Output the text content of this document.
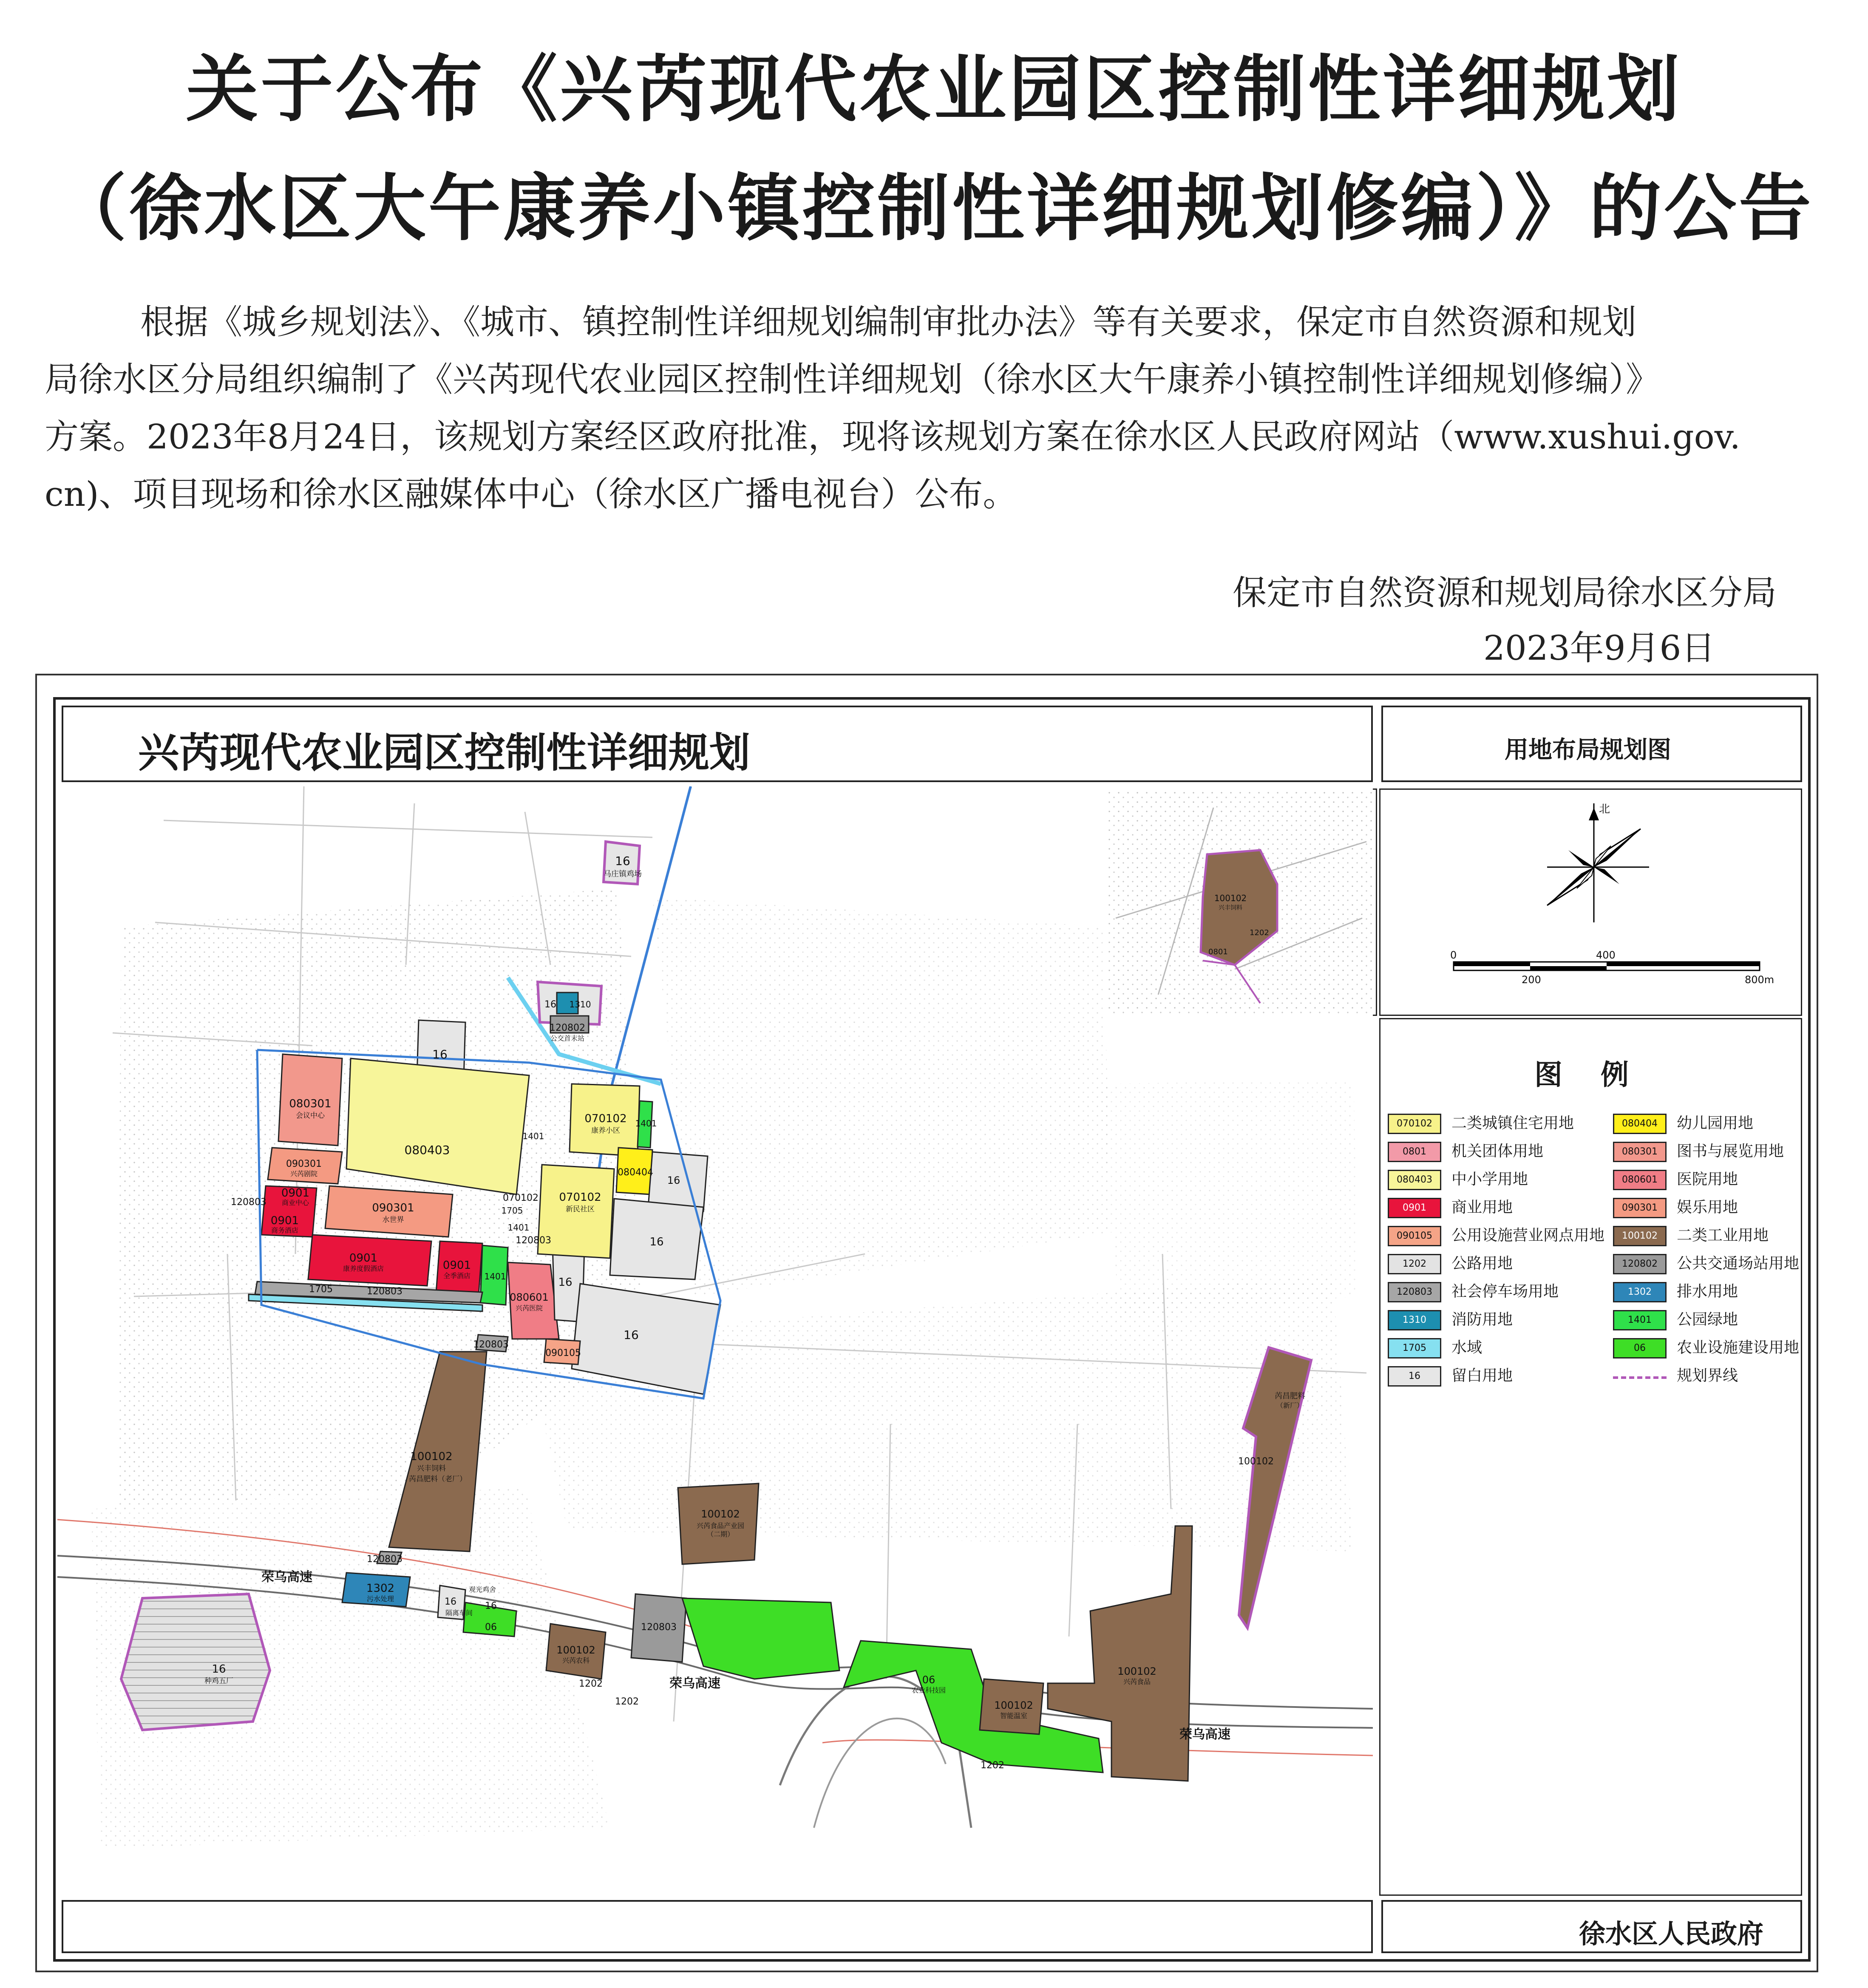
关于公布《兴芮现代农业园区控制性详细规划
（徐水区大午康养小镇控制性详细规划修编）》的公告
根据《城乡规划法》、《城市、镇控制性详细规划编制审批办法》等有关要求，保定市自然资源和规划
局徐水区分局组织编制了《兴芮现代农业园区控制性详细规划（徐水区大午康养小镇控制性详细规划修编）》
方案。2023年8月24日，该规划方案经区政府批准，现将该规划方案在徐水区人民政府网站（www.xushui.gov.
cn)、项目现场和徐水区融媒体中心（徐水区广播电视台）公布。
保定市自然资源和规划局徐水区分局
2023年9月6日
兴芮现代农业园区控制性详细规划	用地布局规划图
徐水区人民政府
北
0	400
200	800m
图例
070102	二类城镇住宅用地	080404	幼儿园用地
0801	机关团体用地	080301	图书与展览用地
080403	中小学用地	080601	医院用地
0901	商业用地	090301	娱乐用地
090105	公用设施营业网点用地	100102	二类工业用地
1202	公路用地	120802	公共交通场站用地
120803	社会停车场用地	1302	排水用地
1310	消防用地	1401	公园绿地
1705	水域	06	农业设施建设用地
16	留白用地	规划界线
16
马庄镇鸡场
16 1310
120802
公交首末站
16
080301
会议中心
080403
090301
兴芮剧院
090301
水世界
120803
0901
商业中心
0901
商务酒店
0901
康养度假酒店	0901
全季酒店
1705	120803
1401
070102
康养小区
070102
新民社区
070102
1401
1401
1401
080404
1705
120803
080601
兴芮医院
16
16
16
16
090105
120803
100102
兴丰饲料
芮昌肥料（老厂）
120803
1302
污水处理
荣乌高速
荣乌高速
荣乌高速
16
种鸡五厂
16
隔离车间
观光鸡舍
16
06
100102
兴芮农科
1202
1202
120803
100102
兴芮食品产业园
（二期）
06
农业科技园
100102
智能温室
100102
兴芮食品
1202
芮昌肥料
（新厂）
100102
100102
兴丰饲料
1202
0801
